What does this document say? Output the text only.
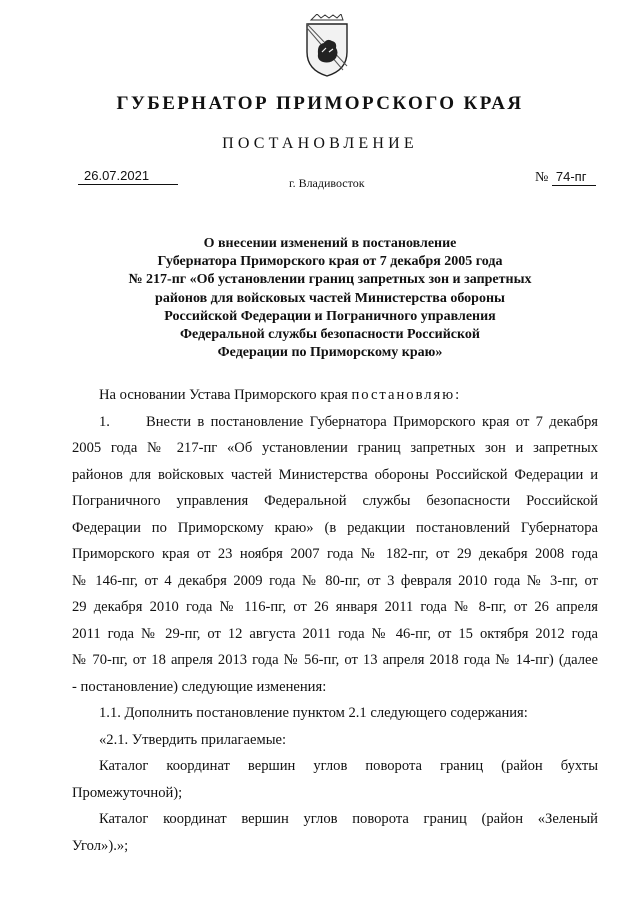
ГУБЕРНАТОР ПРИМОРСКОГО КРАЯ
ПОСТАНОВЛЕНИЕ
26.07.2021	г. Владивосток	№ 74-пг
О внесении изменений в постановление
Губернатора Приморского края от 7 декабря 2005 года
№ 217-пг «Об установлении границ запретных зон и запретных
районов для войсковых частей Министерства обороны
Российской Федерации и Пограничного управления
Федеральной службы безопасности Российской
Федерации по Приморскому краю»
На основании Устава Приморского края постановляю:
1.	Внести в постановление Губернатора Приморского края от 7 декабря
2005 года № 217-пг «Об установлении границ запретных зон и запретных
районов для войсковых частей Министерства обороны Российской Федерации и
Пограничного управления Федеральной службы безопасности Российской
Федерации по Приморскому краю» (в редакции постановлений Губернатора
Приморского края от 23 ноября 2007 года № 182-пг, от 29 декабря 2008 года
№ 146-пг, от 4 декабря 2009 года № 80-пг, от 3 февраля 2010 года № 3-пг, от
29 декабря 2010 года № 116-пг, от 26 января 2011 года № 8-пг, от 26 апреля
2011 года № 29-пг, от 12 августа 2011 года № 46-пг, от 15 октября 2012 года
№ 70-пг, от 18 апреля 2013 года № 56-пг, от 13 апреля 2018 года № 14-пг) (далее
- постановление) следующие изменения:
1.1. Дополнить постановление пунктом 2.1 следующего содержания:
«2.1. Утвердить прилагаемые:
Каталог координат вершин углов поворота границ (район бухты
Промежуточной);
Каталог координат вершин углов поворота границ (район «Зеленый
Угол»).»;
